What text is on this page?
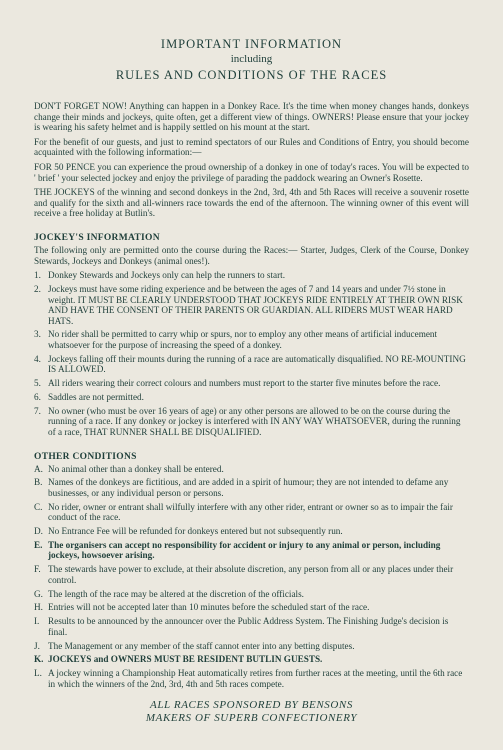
IMPORTANT INFORMATION
including
RULES AND CONDITIONS OF THE RACES

DON'T FORGET NOW! Anything can happen in a Donkey Race. It's the time when money changes hands, donkeys change their minds and jockeys, quite often, get a different view of things. OWNERS! Please ensure that your jockey is wearing his safety helmet and is happily settled on his mount at the start.

For the benefit of our guests, and just to remind spectators of our Rules and Conditions of Entry, you should become acquainted with the following information:—

FOR 50 PENCE you can experience the proud ownership of a donkey in one of today's races. You will be expected to ' brief ' your selected jockey and enjoy the privilege of parading the paddock wearing an Owner's Rosette.

THE JOCKEYS of the winning and second donkeys in the 2nd, 3rd, 4th and 5th Races will receive a souvenir rosette and qualify for the sixth and all-winners race towards the end of the afternoon. The winning owner of this event will receive a free holiday at Butlin's.

JOCKEY'S INFORMATION

The following only are permitted onto the course during the Races:— Starter, Judges, Clerk of the Course, Donkey Stewards, Jockeys and Donkeys (animal ones!).

1. Donkey Stewards and Jockeys only can help the runners to start.
2. Jockeys must have some riding experience and be between the ages of 7 and 14 years and under 7½ stone in weight. IT MUST BE CLEARLY UNDERSTOOD THAT JOCKEYS RIDE ENTIRELY AT THEIR OWN RISK AND HAVE THE CONSENT OF THEIR PARENTS OR GUARDIAN. ALL RIDERS MUST WEAR HARD HATS.
3. No rider shall be permitted to carry whip or spurs, nor to employ any other means of artificial inducement whatsoever for the purpose of increasing the speed of a donkey.
4. Jockeys falling off their mounts during the running of a race are automatically disqualified. NO RE-MOUNTING IS ALLOWED.
5. All riders wearing their correct colours and numbers must report to the starter five minutes before the race.
6. Saddles are not permitted.
7. No owner (who must be over 16 years of age) or any other persons are allowed to be on the course during the running of a race. If any donkey or jockey is interfered with IN ANY WAY WHATSOEVER, during the running of a race, THAT RUNNER SHALL BE DISQUALIFIED.
OTHER CONDITIONS
A. No animal other than a donkey shall be entered.
B. Names of the donkeys are fictitious, and are added in a spirit of humour; they are not intended to defame any businesses, or any individual person or persons.
C. No rider, owner or entrant shall wilfully interfere with any other rider, entrant or owner so as to impair the fair conduct of the race.
D. No Entrance Fee will be refunded for donkeys entered but not subsequently run.
E. The organisers can accept no responsibility for accident or injury to any animal or person, including jockeys, howsoever arising.
F. The stewards have power to exclude, at their absolute discretion, any person from all or any places under their control.
G. The length of the race may be altered at the discretion of the officials.
H. Entries will not be accepted later than 10 minutes before the scheduled start of the race.
I. Results to be announced by the announcer over the Public Address System. The Finishing Judge's decision is final.
J. The Management or any member of the staff cannot enter into any betting disputes.
K. JOCKEYS and OWNERS MUST BE RESIDENT BUTLIN GUESTS.
L. A jockey winning a Championship Heat automatically retires from further races at the meeting, until the 6th race in which the winners of the 2nd, 3rd, 4th and 5th races compete.
ALL RACES SPONSORED BY BENSONS
MAKERS OF SUPERB CONFECTIONERY
